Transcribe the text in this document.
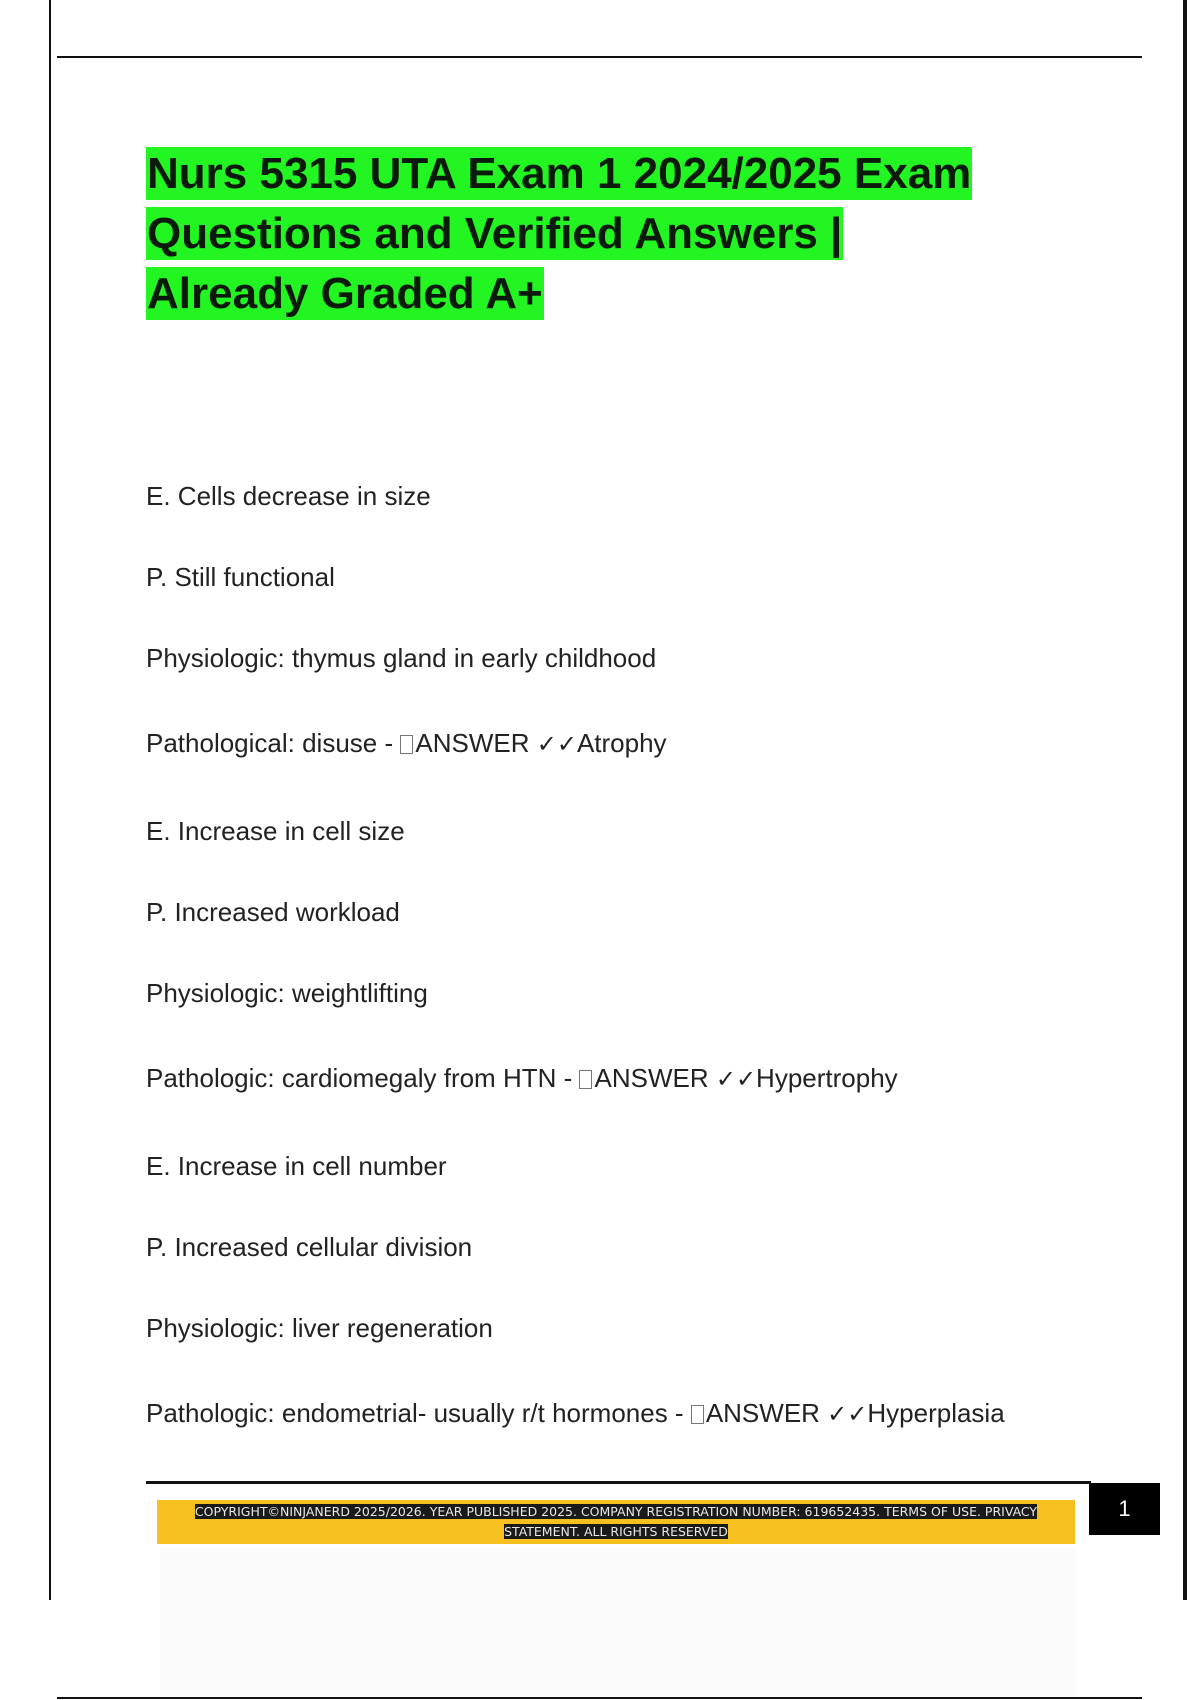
Nurs 5315 UTA Exam 1 2024/2025 Exam
Questions and Verified Answers |
Already Graded A+
E. Cells decrease in size
P. Still functional
Physiologic: thymus gland in early childhood
Pathological: disuse - ANSWER ✓✓Atrophy
E. Increase in cell size
P. Increased workload
Physiologic: weightlifting
Pathologic: cardiomegaly from HTN - ANSWER ✓✓Hypertrophy
E. Increase in cell number
P. Increased cellular division
Physiologic: liver regeneration
Pathologic: endometrial- usually r/t hormones - ANSWER ✓✓Hyperplasia
COPYRIGHT©NINJANERD 2025/2026. YEAR PUBLISHED 2025. COMPANY REGISTRATION NUMBER: 619652435. TERMS OF USE. PRIVACY
STATEMENT. ALL RIGHTS RESERVED
1
